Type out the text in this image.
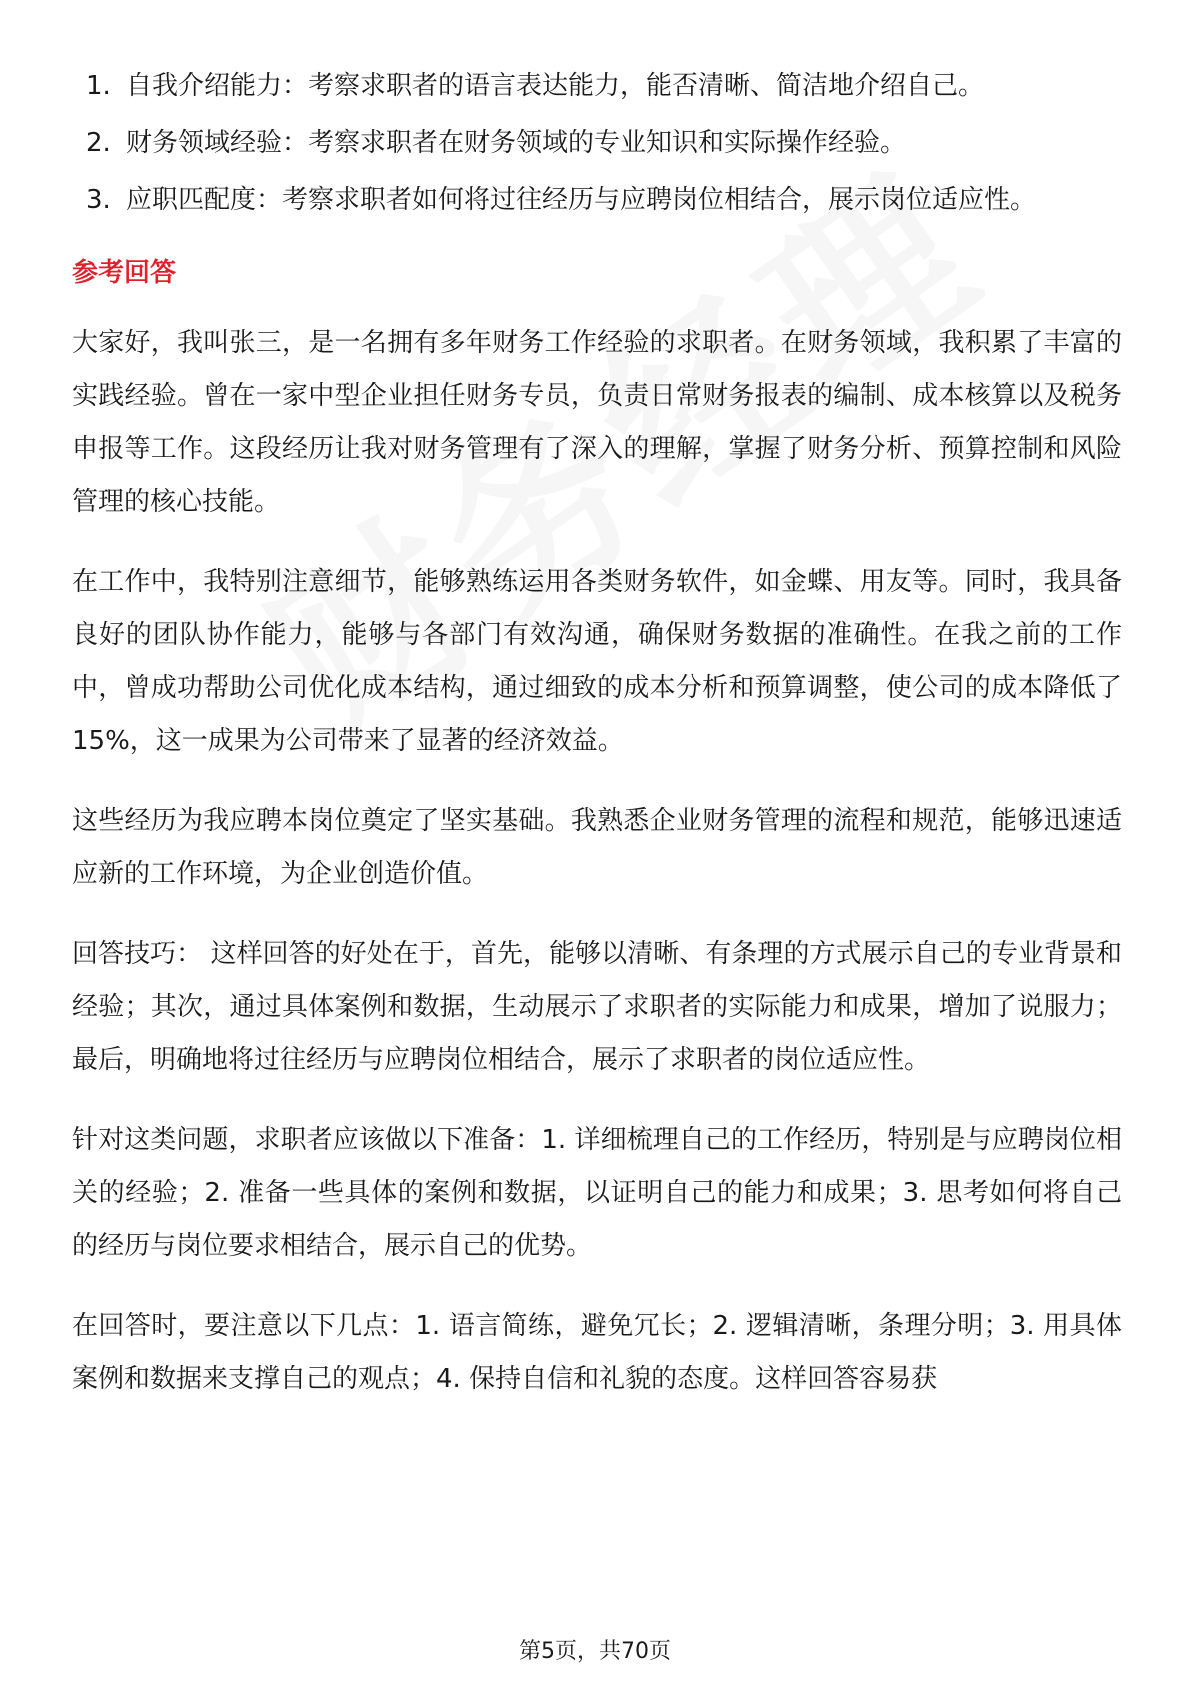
1. 自我介绍能力：考察求职者的语言表达能力，能否清晰、简洁地介绍自己。
2. 财务领域经验：考察求职者在财务领域的专业知识和实际操作经验。
3. 应职匹配度：考察求职者如何将过往经历与应聘岗位相结合，展示岗位适应性。
参考回答

大家好，我叫张三，是一名拥有多年财务工作经验的求职者。在财务领域，我积累了丰富的实践经验。曾在一家中型企业担任财务专员，负责日常财务报表的编制、成本核算以及税务申报等工作。这段经历让我对财务管理有了深入的理解，掌握了财务分析、预算控制和风险管理的核心技能。

在工作中，我特别注意细节，能够熟练运用各类财务软件，如金蝶、用友等。同时，我具备良好的团队协作能力，能够与各部门有效沟通，确保财务数据的准确性。在我之前的工作中，曾成功帮助公司优化成本结构，通过细致的成本分析和预算调整，使公司的成本降低了15%，这一成果为公司带来了显著的经济效益。

这些经历为我应聘本岗位奠定了坚实基础。我熟悉企业财务管理的流程和规范，能够迅速适应新的工作环境，为企业创造价值。

回答技巧： 这样回答的好处在于，首先，能够以清晰、有条理的方式展示自己的专业背景和经验；其次，通过具体案例和数据，生动展示了求职者的实际能力和成果，增加了说服力；最后，明确地将过往经历与应聘岗位相结合，展示了求职者的岗位适应性。

针对这类问题，求职者应该做以下准备：1. 详细梳理自己的工作经历，特别是与应聘岗位相关的经验；2. 准备一些具体的案例和数据，以证明自己的能力和成果；3. 思考如何将自己的经历与岗位要求相结合，展示自己的优势。

在回答时，要注意以下几点：1. 语言简练，避免冗长；2. 逻辑清晰，条理分明；3. 用具体案例和数据来支撑自己的观点；4. 保持自信和礼貌的态度。这样回答容易获

第5页，共70页
